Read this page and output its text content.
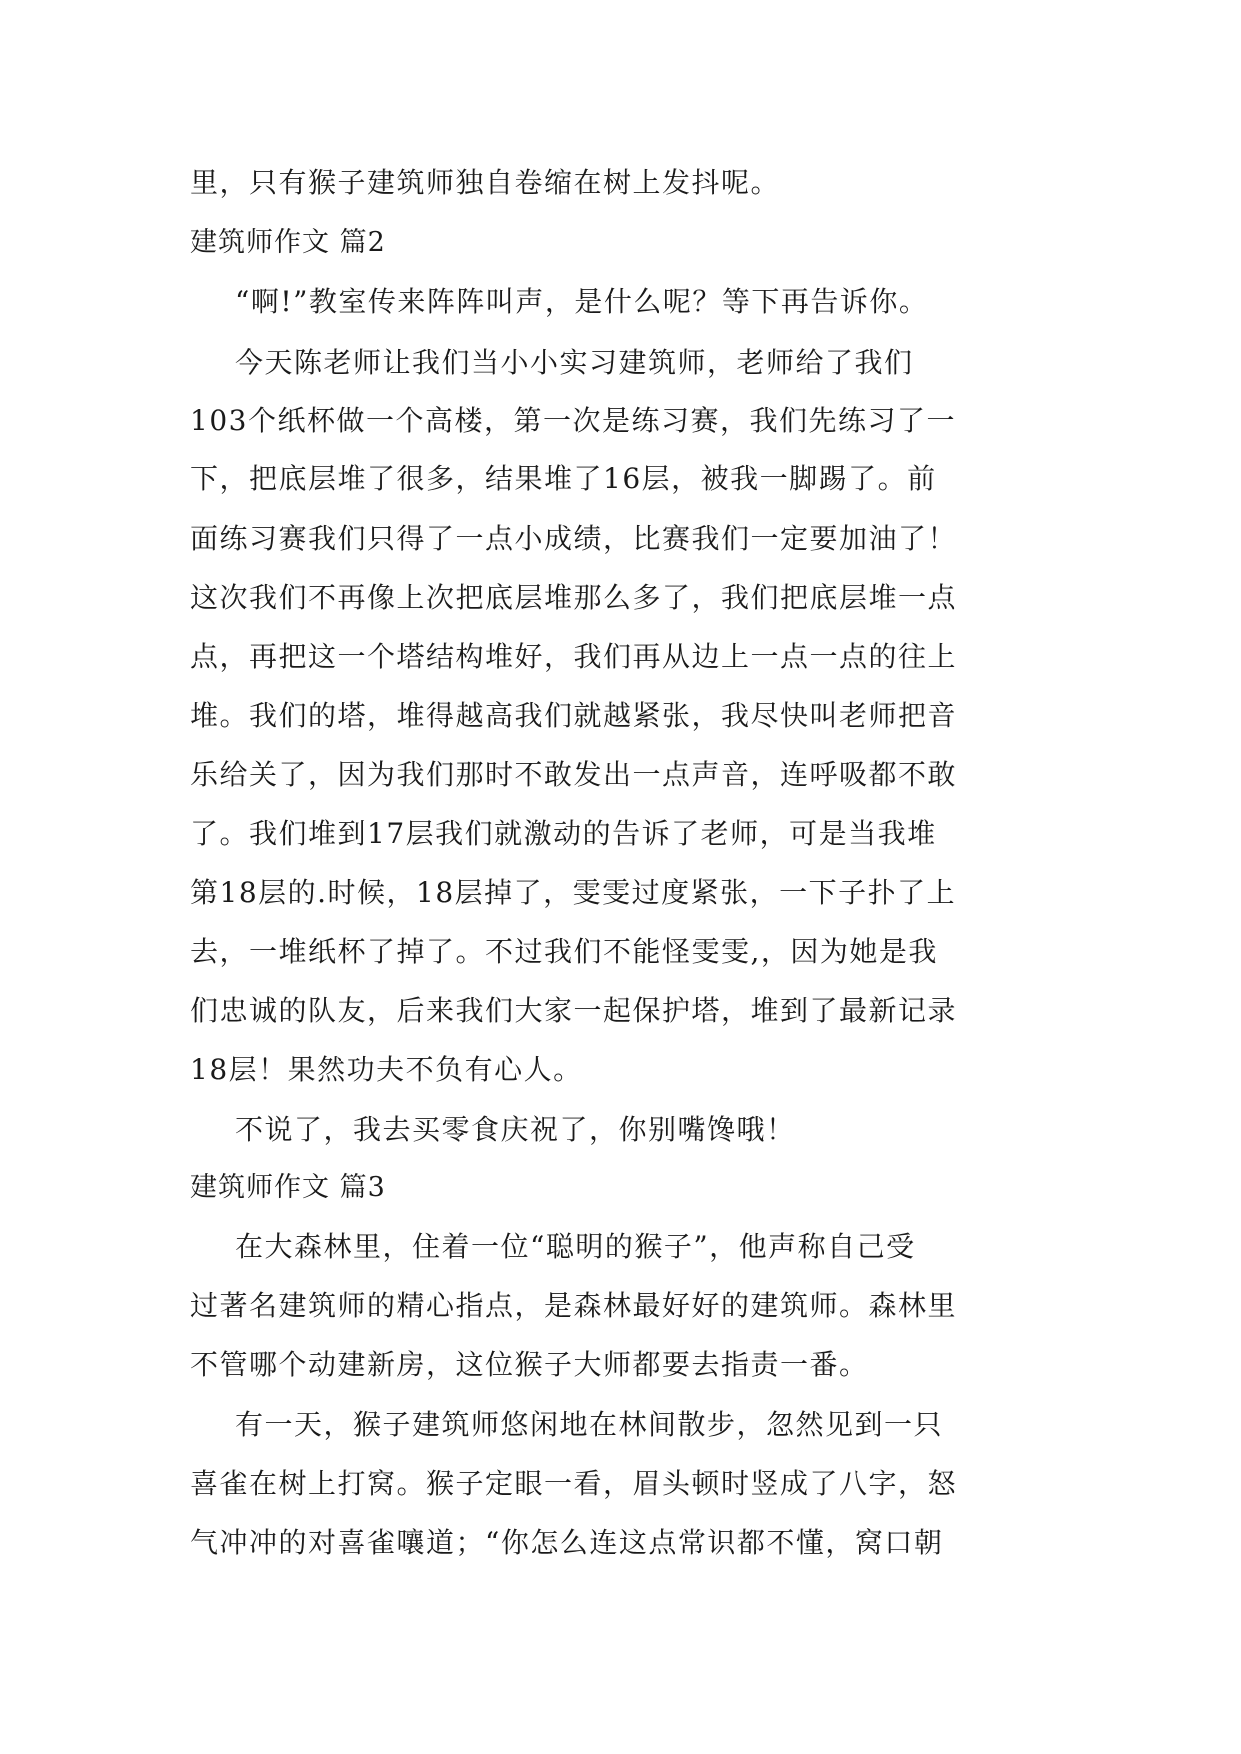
里，只有猴子建筑师独自卷缩在树上发抖呢。
建筑师作文 篇2
“啊!”教室传来阵阵叫声，是什么呢？等下再告诉你。
今天陈老师让我们当小小实习建筑师，老师给了我们
103个纸杯做一个高楼，第一次是练习赛，我们先练习了一
下，把底层堆了很多，结果堆了16层，被我一脚踢了。前
面练习赛我们只得了一点小成绩，比赛我们一定要加油了！
这次我们不再像上次把底层堆那么多了，我们把底层堆一点
点，再把这一个塔结构堆好，我们再从边上一点一点的往上
堆。我们的塔，堆得越高我们就越紧张，我尽快叫老师把音
乐给关了，因为我们那时不敢发出一点声音，连呼吸都不敢
了。我们堆到17层我们就激动的告诉了老师，可是当我堆
第18层的.时候，18层掉了，雯雯过度紧张，一下子扑了上
去，一堆纸杯了掉了。不过我们不能怪雯雯,，因为她是我
们忠诚的队友，后来我们大家一起保护塔，堆到了最新记录
18层！果然功夫不负有心人。
不说了，我去买零食庆祝了，你别嘴馋哦！
建筑师作文 篇3
在大森林里，住着一位“聪明的猴子”，他声称自己受
过著名建筑师的精心指点，是森林最好好的建筑师。森林里
不管哪个动建新房，这位猴子大师都要去指责一番。
有一天，猴子建筑师悠闲地在林间散步，忽然见到一只
喜雀在树上打窝。猴子定眼一看，眉头顿时竖成了八字，怒
气冲冲的对喜雀嚷道；“你怎么连这点常识都不懂，窝口朝
